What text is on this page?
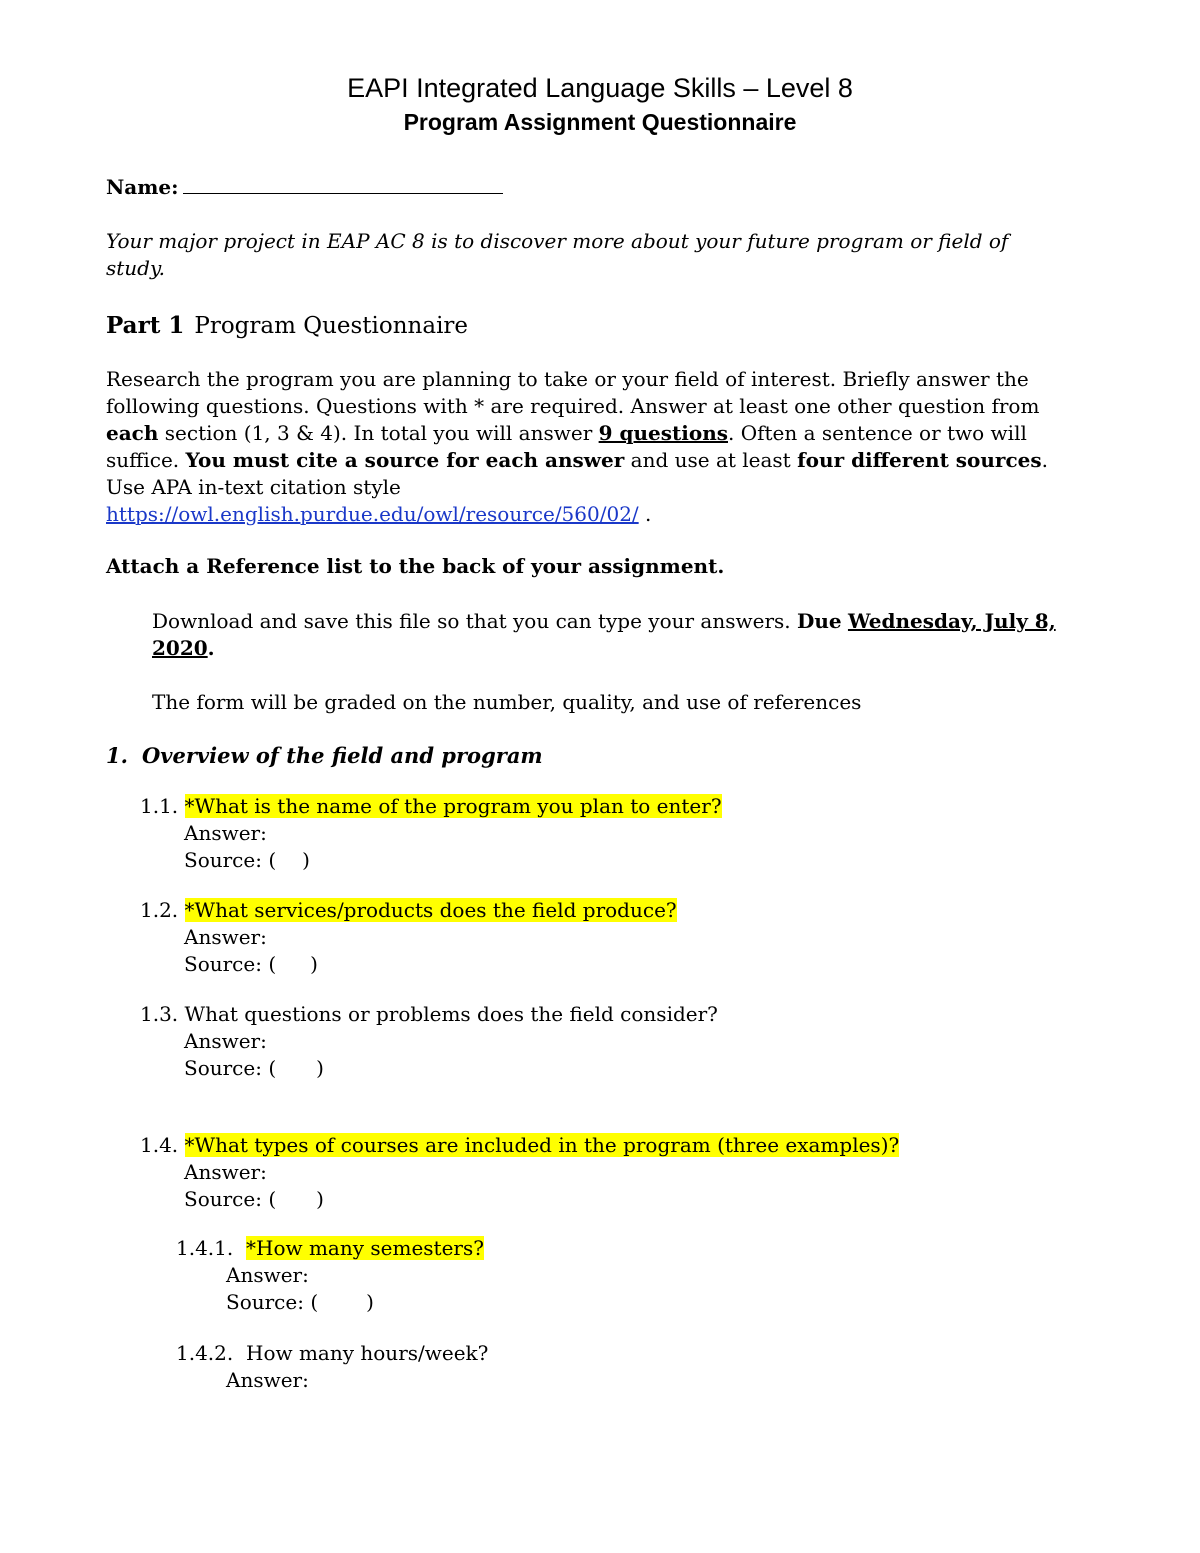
EAPI Integrated Language Skills – Level 8
Program Assignment Questionnaire
Name:
Your major project in EAP AC 8 is to discover more about your future program or field of study.
Part 1 Program Questionnaire
Research the program you are planning to take or your field of interest. Briefly answer the following questions. Questions with * are required. Answer at least one other question from each section (1, 3 & 4). In total you will answer 9 questions. Often a sentence or two will suffice. You must cite a source for each answer and use at least four different sources. Use APA in-text citation style
https://owl.english.purdue.edu/owl/resource/560/02/ .
Attach a Reference list to the back of your assignment.
Download and save this file so that you can type your answers. Due Wednesday, July 8, 2020.
The form will be graded on the number, quality, and use of references
1. Overview of the field and program
1.1. *What is the name of the program you plan to enter?
Answer:
Source: ( )
1.2. *What services/products does the field produce?
Answer:
Source: ( )
1.3. What questions or problems does the field consider?
Answer:
Source: ( )
1.4. *What types of courses are included in the program (three examples)?
Answer:
Source: ( )
1.4.1. *How many semesters?
Answer:
Source: ( )
1.4.2. How many hours/week?
Answer:
